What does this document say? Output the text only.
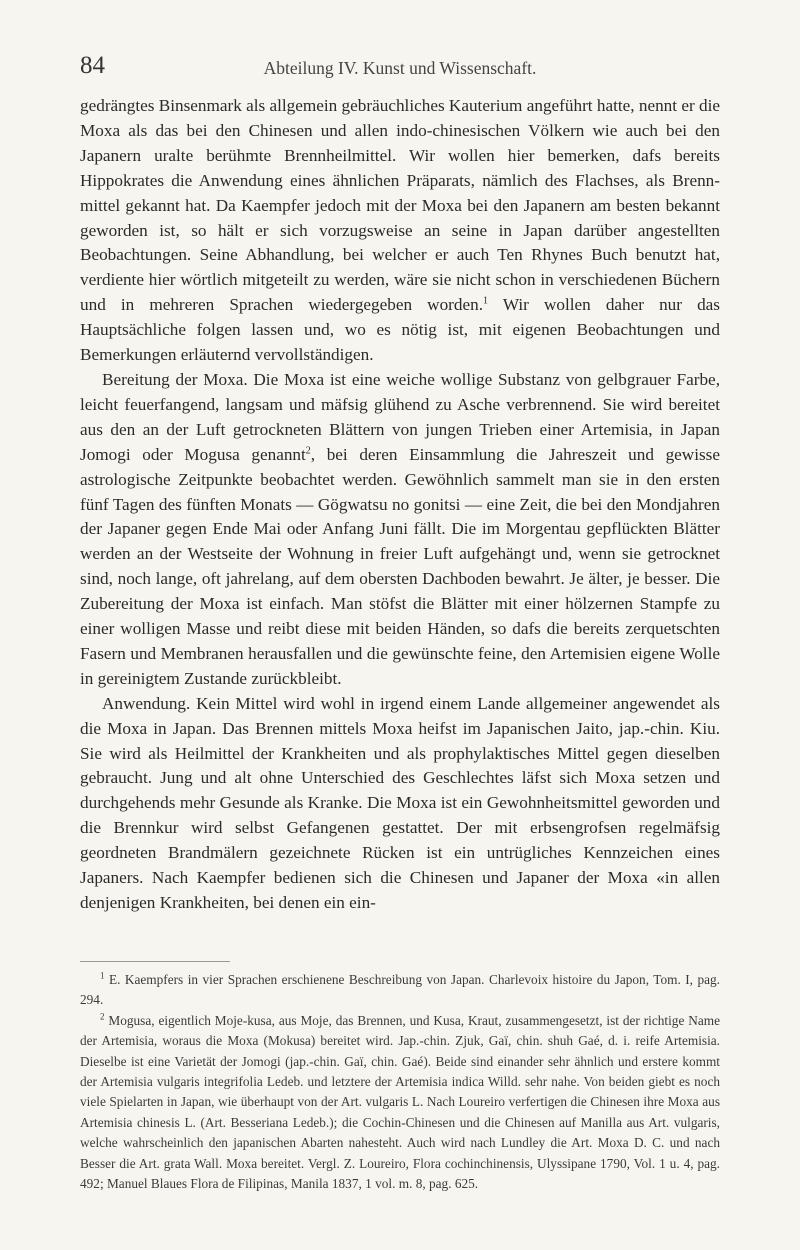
84	Abteilung IV. Kunst und Wissenschaft.

gedrängtes Binsenmark als allgemein gebräuchliches Kauterium angeführt hatte, nennt er die Moxa als das bei den Chinesen und allen indo-chinesischen Völkern wie auch bei den Japanern uralte berühmte Brennheilmittel. Wir wollen hier bemerken, dafs bereits Hippokrates die Anwendung eines ähnlichen Präparats, nämlich des Flachses, als Brennmittel gekannt hat. Da Kaempfer jedoch mit der Moxa bei den Japanern am besten bekannt geworden ist, so hält er sich vorzugsweise an seine in Japan darüber angestellten Beobachtungen. Seine Abhandlung, bei welcher er auch Ten Rhynes Buch benutzt hat, verdiente hier wörtlich mitgeteilt zu werden, wäre sie nicht schon in verschiedenen Büchern und in mehreren Sprachen wiedergegeben worden.$^1$ Wir wollen daher nur das Hauptsächliche folgen lassen und, wo es nötig ist, mit eigenen Beobachtungen und Bemerkungen erläuternd vervollständigen.

Bereitung der Moxa. Die Moxa ist eine weiche wollige Substanz von gelbgrauer Farbe, leicht feuerfangend, langsam und mäfsig glühend zu Asche verbrennend. Sie wird bereitet aus den an der Luft getrockneten Blättern von jungen Trieben einer Artemisia, in Japan Jomogi oder Mogusa genannt$^2$, bei deren Einsammlung die Jahreszeit und gewisse astrologische Zeitpunkte beobachtet werden. Gewöhnlich sammelt man sie in den ersten fünf Tagen des fünften Monats — Gögwatsu no gonitsi — eine Zeit, die bei den Mondjahren der Japaner gegen Ende Mai oder Anfang Juni fällt. Die im Morgentau gepflückten Blätter werden an der Westseite der Wohnung in freier Luft aufgehängt und, wenn sie getrocknet sind, noch lange, oft jahrelang, auf dem obersten Dachboden bewahrt. Je älter, je besser. Die Zubereitung der Moxa ist einfach. Man stöfst die Blätter mit einer hölzernen Stampfe zu einer wolligen Masse und reibt diese mit beiden Händen, so dafs die bereits zerquetschten Fasern und Membranen herausfallen und die gewünschte feine, den Artemisien eigene Wolle in gereinigtem Zustande zurückbleibt.

Anwendung. Kein Mittel wird wohl in irgend einem Lande allgemeiner angewendet als die Moxa in Japan. Das Brennen mittels Moxa heifst im Japanischen Jaito, jap.-chin. Kiu. Sie wird als Heilmittel der Krankheiten und als prophylaktisches Mittel gegen dieselben gebraucht. Jung und alt ohne Unterschied des Geschlechtes läfst sich Moxa setzen und durchgehends mehr Gesunde als Kranke. Die Moxa ist ein Gewohnheitsmittel geworden und die Brennkur wird selbst Gefangenen gestattet. Der mit erbsengrofsen regelmäfsig geordneten Brandmälern gezeichnete Rücken ist ein untrügliches Kennzeichen eines Japaners. Nach Kaempfer bedienen sich die Chinesen und Japaner der Moxa «in allen denjenigen Krankheiten, bei denen ein ein-

$^1$ E. Kaempfers in vier Sprachen erschienene Beschreibung von Japan. Charlevoix histoire du Japon, Tom. I, pag. 294.

$^2$ Mogusa, eigentlich Moje-kusa, aus Moje, das Brennen, und Kusa, Kraut, zusammengesetzt, ist der richtige Name der Artemisia, woraus die Moxa (Mokusa) bereitet wird. Jap.-chin. Zjuk, Gaï, chin. shuh Gaé, d. i. reife Artemisia. Dieselbe ist eine Varietät der Jomogi (jap.-chin. Gaï, chin. Gaé). Beide sind einander sehr ähnlich und erstere kommt der Artemisia vulgaris integrifolia Ledeb. und letztere der Artemisia indica Willd. sehr nahe. Von beiden giebt es noch viele Spielarten in Japan, wie überhaupt von der Art. vulgaris L. Nach Loureiro verfertigen die Chinesen ihre Moxa aus Artemisia chinesis L. (Art. Besseriana Ledeb.); die Cochin-Chinesen und die Chinesen auf Manilla aus Art. vulgaris, welche wahrscheinlich den japanischen Abarten nahesteht. Auch wird nach Lundley die Art. Moxa D. C. und nach Besser die Art. grata Wall. Moxa bereitet. Vergl. Z. Loureiro, Flora cochinchinensis, Ulyssipane 1790, Vol. 1 u. 4, pag. 492; Manuel Blaues Flora de Filipinas, Manila 1837, 1 vol. m. 8, pag. 625.
